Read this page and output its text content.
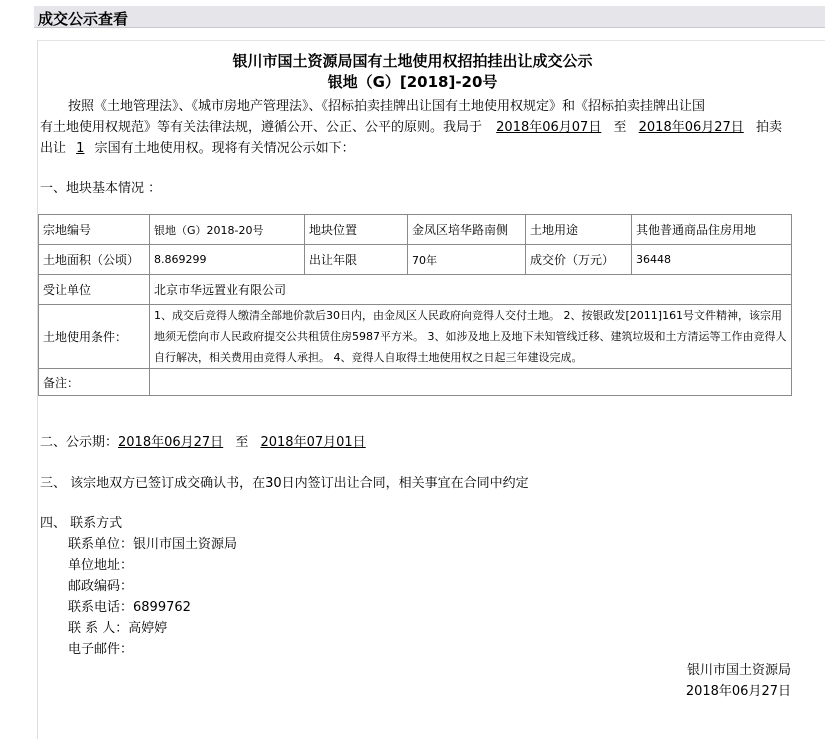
成交公示查看
银川市国土资源局国有土地使用权招拍挂出让成交公示
银地（G）[2018]-20号
按照《土地管理法》、《城市房地产管理法》、《招标拍卖挂牌出让国有土地使用权规定》和《招标拍卖挂牌出让国
有土地使用权规范》等有关法律法规，遵循公开、公正、公平的原则。我局于 2018年06月07日 至 2018年06月27日 拍卖
出让 1 宗国有土地使用权。现将有关情况公示如下：
一、地块基本情况 ：
宗地编号	银地（G）2018-20号	地块位置	金凤区培华路南侧	土地用途	其他普通商品住房用地
土地面积（公顷）	8.869299	出让年限	70年	成交价（万元）	36448
受让单位	北京市华远置业有限公司				
土地使用条件：	1、成交后竞得人缴清全部地价款后30日内，由金凤区人民政府向竞得人交付土地。 2、按银政发[2011]161号文件精神，该宗用地须无偿向市人民政府提交公共租赁住房5987平方米。 3、如涉及地上及地下未知管线迁移、建筑垃圾和土方清运等工作由竞得人自行解决，相关费用由竞得人承担。 4、竞得人自取得土地使用权之日起三年建设完成。				
备注：					
二、公示期：2018年06月27日 至 2018年07月01日
三、 该宗地双方已签订成交确认书，在30日内签订出让合同，相关事宜在合同中约定
四、 联系方式
联系单位：银川市国土资源局
单位地址：
邮政编码：
联系电话：6899762
联 系 人：高婷婷
电子邮件：
银川市国土资源局
2018年06月27日
